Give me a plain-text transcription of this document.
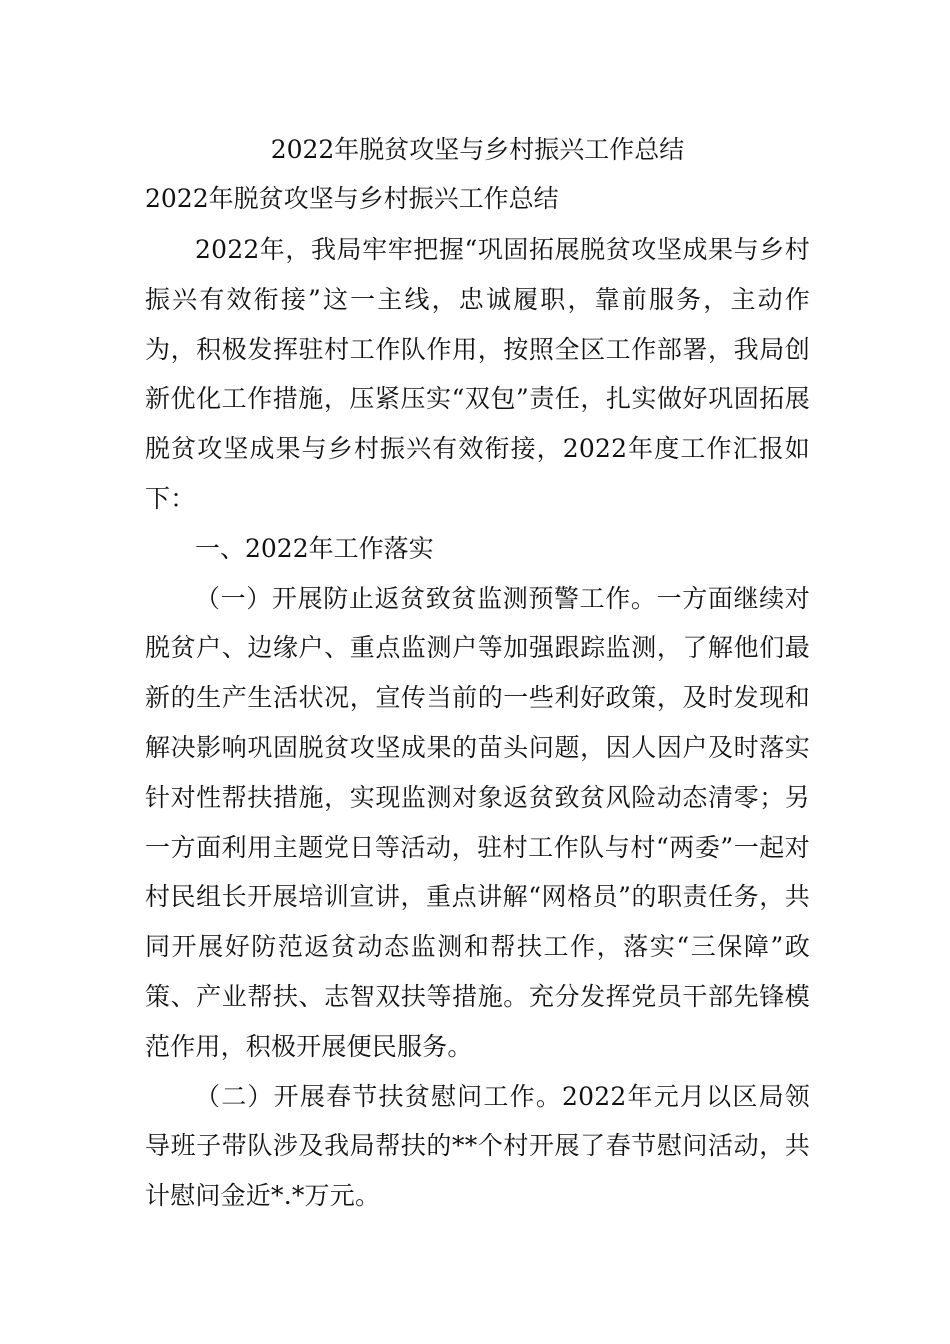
2022年脱贫攻坚与乡村振兴工作总结

2022年脱贫攻坚与乡村振兴工作总结

2022年，我局牢牢把握“巩固拓展脱贫攻坚成果与乡村振兴有效衔接”这一主线，忠诚履职，靠前服务，主动作为，积极发挥驻村工作队作用，按照全区工作部署，我局创新优化工作措施，压紧压实“双包”责任，扎实做好巩固拓展脱贫攻坚成果与乡村振兴有效衔接，2022年度工作汇报如下：

一、2022年工作落实

（一）开展防止返贫致贫监测预警工作。一方面继续对脱贫户、边缘户、重点监测户等加强跟踪监测，了解他们最新的生产生活状况，宣传当前的一些利好政策，及时发现和解决影响巩固脱贫攻坚成果的苗头问题，因人因户及时落实针对性帮扶措施，实现监测对象返贫致贫风险动态清零；另一方面利用主题党日等活动，驻村工作队与村“两委”一起对村民组长开展培训宣讲，重点讲解“网格员”的职责任务，共同开展好防范返贫动态监测和帮扶工作，落实“三保障”政策、产业帮扶、志智双扶等措施。充分发挥党员干部先锋模范作用，积极开展便民服务。

（二）开展春节扶贫慰问工作。2022年元月以区局领导班子带队涉及我局帮扶的**个村开展了春节慰问活动，共计慰问金近*.*万元。
